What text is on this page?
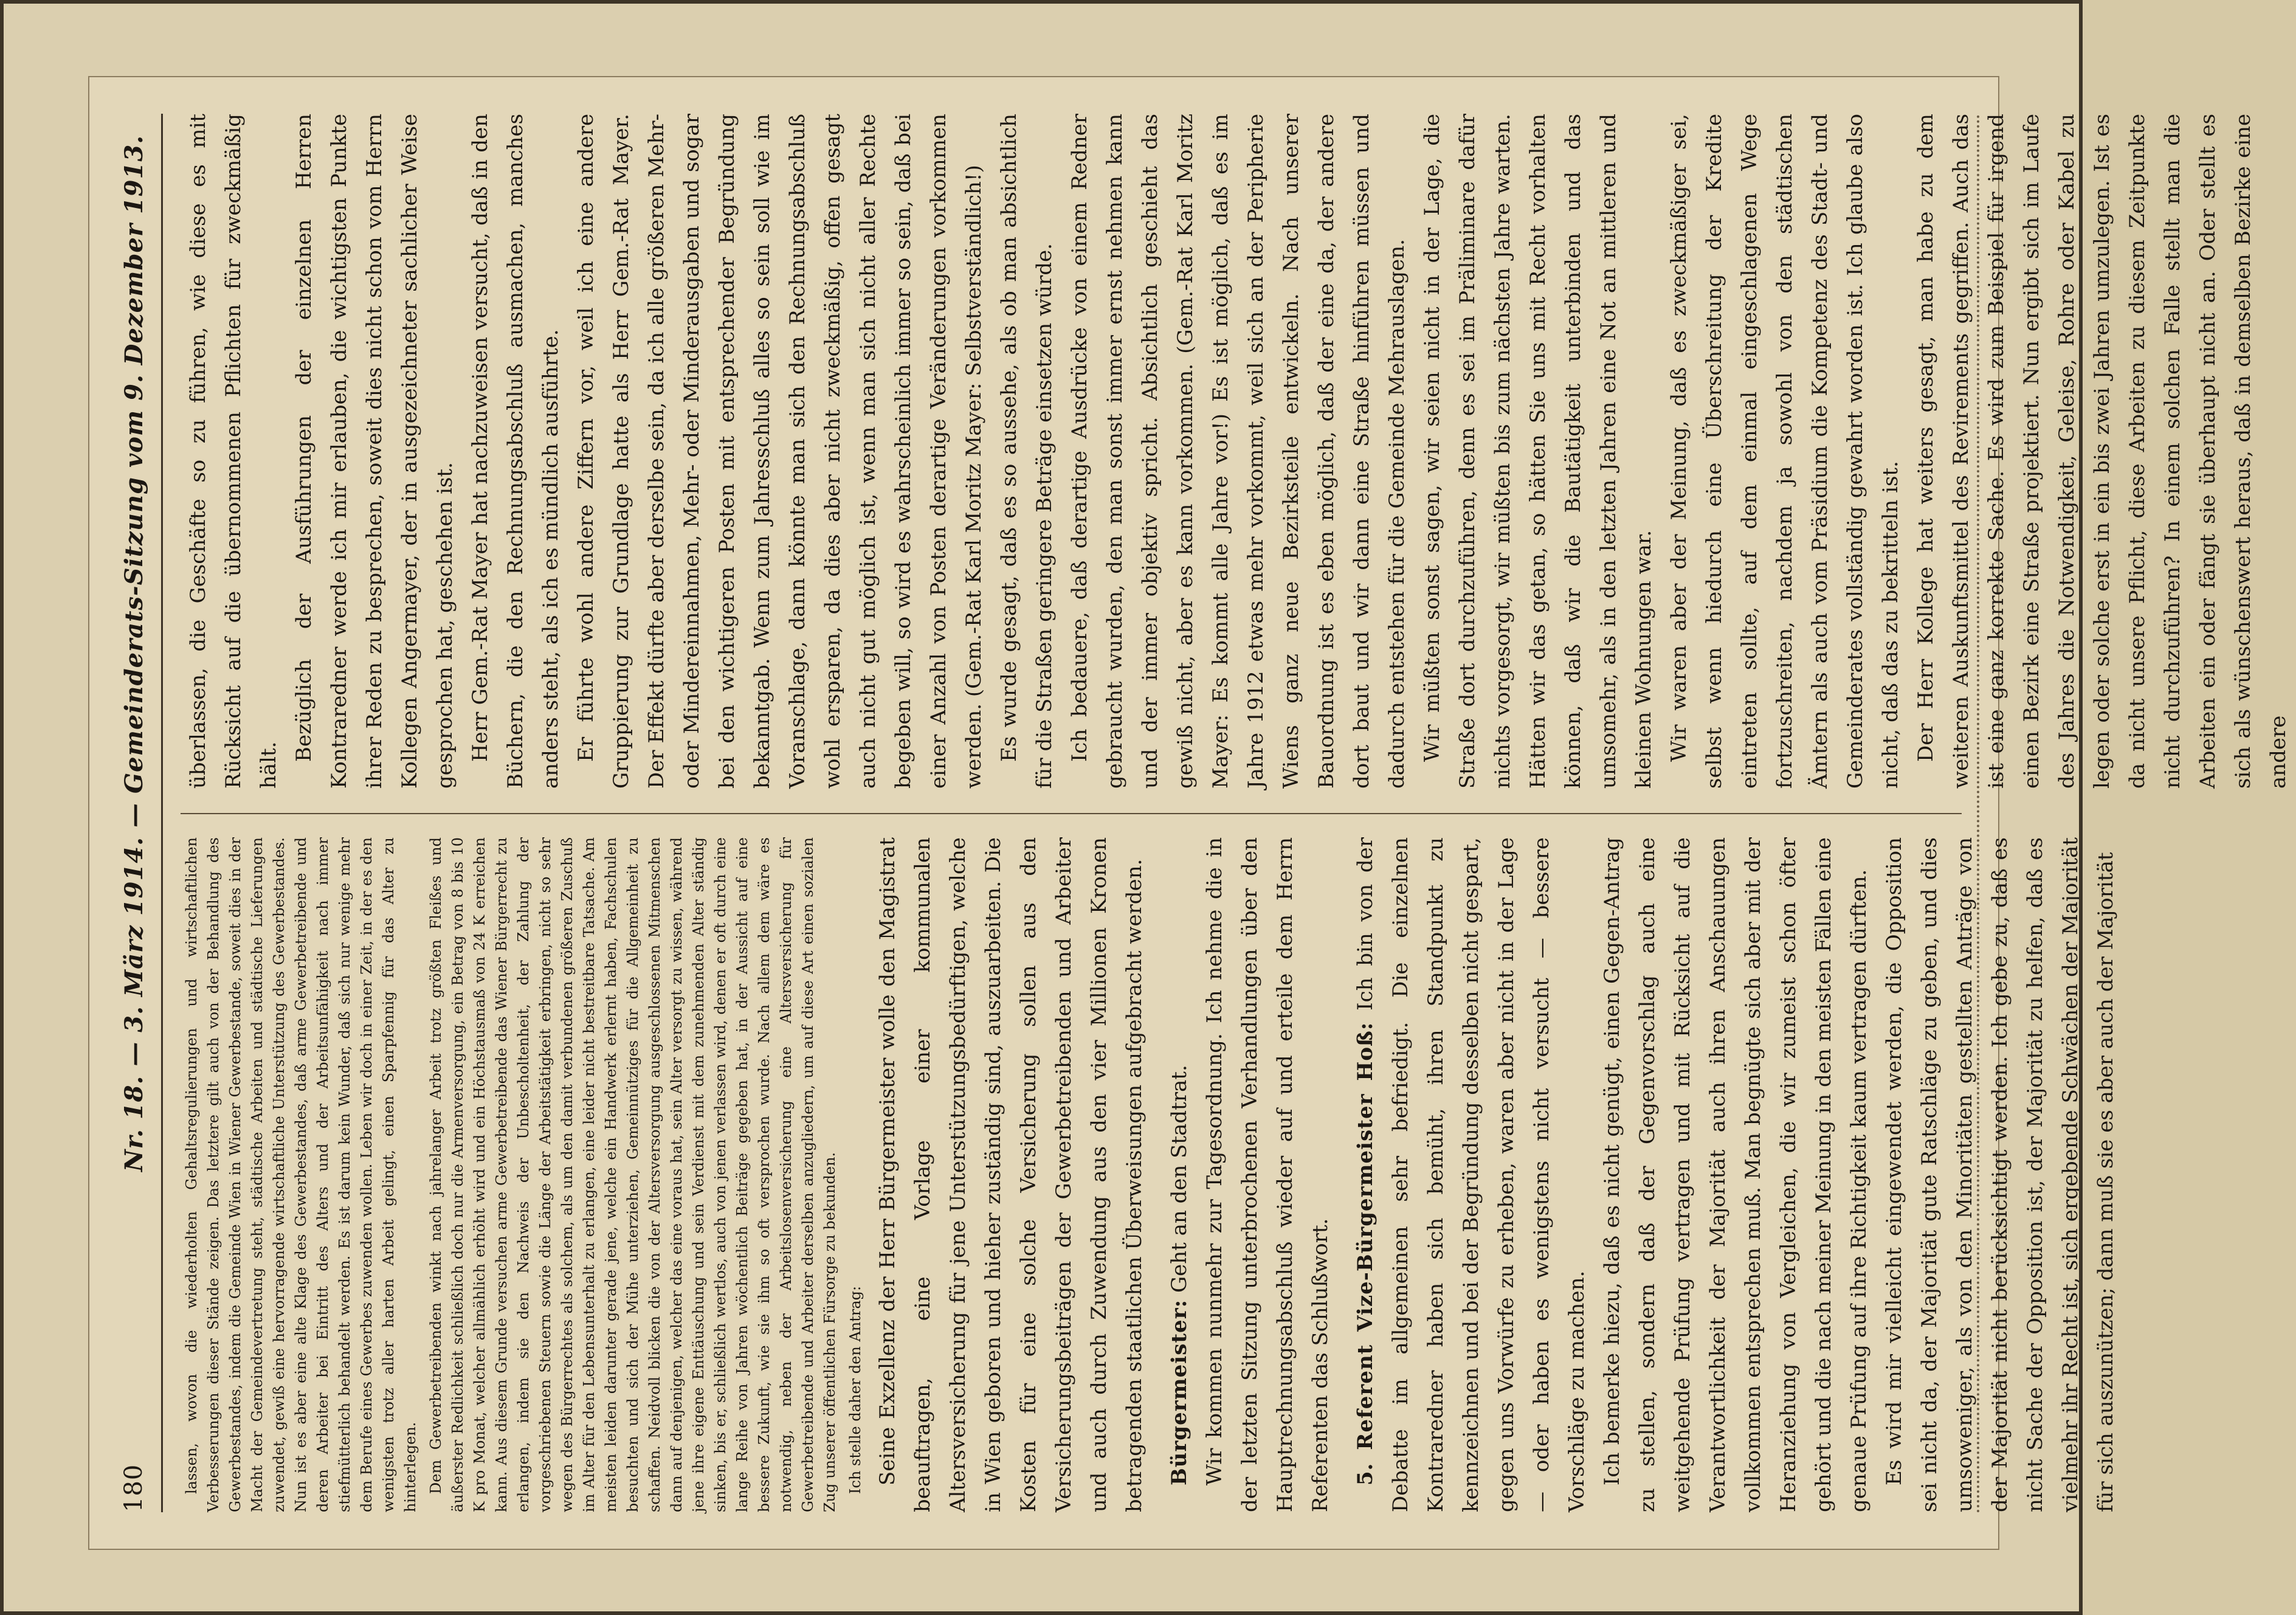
180
Nr. 18. — 3. März 1914. — Gemeinderats-Sitzung vom 9. Dezember 1913. lassen, wovon die wiederholten Gehaltsregulierungen und wirtschaftlichen Verbesserungen dieser Stände zeigen. Das letztere gilt auch von der Behandlung des Gewerbestandes, indem die Gemeinde Wien in Wiener Gewerbestande, soweit dies in der Macht der Gemeindevertretung steht, städtische Arbeiten und städtische Lieferungen zuwendet, gewiß eine hervorragende wirtschaftliche Unterstützung des Gewerbestandes. Nun ist es aber eine alte Klage des Gewerbestandes, daß arme Gewerbetreibende und deren Arbeiter bei Eintritt des Alters und der Arbeitsunfähigkeit nach immer stiefmütterlich behandelt werden. Es ist darum kein Wunder, daß sich nur wenige mehr dem Berufe eines Gewerbes zuwenden wollen. Leben wir doch in einer Zeit, in der es den wenigsten trotz aller harten Arbeit gelingt, einen Sparpfennig für das Alter zu hinterlegen. Dem Gewerbetreibenden winkt nach jahrelanger Arbeit trotz größten Fleißes und äußerster Redlichkeit schließlich doch nur die Armenversorgung, ein Betrag von 8 bis 10 K pro Monat, welcher allmählich erhöht wird und ein Höchstausmaß von 24 K erreichen kann. Aus diesem Grunde versuchen arme Gewerbetreibende das Wiener Bürgerrecht zu erlangen, indem sie den Nachweis der Unbescholtenheit, der Zahlung der vorgeschriebenen Steuern sowie die Länge der Arbeitstätigkeit erbringen, nicht so sehr wegen des Bürgerrechtes als solchem, als um den damit verbundenen größeren Zuschuß im Alter für den Lebensunterhalt zu erlangen, eine leider nicht bestreitbare Tatsache. Am meisten leiden darunter gerade jene, welche ein Handwerk erlernt haben, Fachschulen besuchten und sich der Mühe unterziehen, Gemeinnütziges für die Allgemeinheit zu schaffen. Neidvoll blicken die von der Altersversorgung ausgeschlossenen Mitmenschen dann auf denjenigen, welcher das eine voraus hat, sein Alter versorgt zu wissen, während jene ihre eigene Enttäuschung und sein Verdienst mit dem zunehmenden Alter ständig sinken, bis er, schließlich wertlos, auch von jenen verlassen wird, denen er oft durch eine lange Reihe von Jahren wöchentlich Beiträge gegeben hat, in der Aussicht auf eine bessere Zukunft, wie sie ihm so oft versprochen wurde. Nach allem dem wäre es notwendig, neben der Arbeitslosenversicherung eine Altersversicherung für Gewerbetreibende und Arbeiter derselben anzugliedern, um auf diese Art einen sozialen Zug unserer öffentlichen Fürsorge zu bekunden. Ich stelle daher den Antrag: Seine Exzellenz der Herr Bürgermeister wolle den Magistrat beauftragen, eine Vorlage einer kommunalen Altersversicherung für jene Unterstützungsbedürftigen, welche in Wien geboren und hieher zuständig sind, auszuarbeiten. Die Kosten für eine solche Versicherung sollen aus den Versicherungsbeiträgen der Gewerbetreibenden und Arbeiter und auch durch Zuwendung aus den vier Millionen Kronen betragenden staatlichen Überweisungen aufgebracht werden. Bürgermeister: Geht an den Stadtrat. Wir kommen nunmehr zur Tagesordnung. Ich nehme die in der letzten Sitzung unterbrochenen Verhandlungen über den Hauptrechnungsabschluß wieder auf und erteile dem Herrn Referenten das Schlußwort. 5. Referent Vize-Bürgermeister Hoß: Ich bin von der Debatte im allgemeinen sehr befriedigt. Die einzelnen Kontraredner haben sich bemüht, ihren Standpunkt zu kennzeichnen und bei der Begründung desselben nicht gespart, gegen uns Vorwürfe zu erheben, waren aber nicht in der Lage — oder haben es wenigstens nicht versucht — bessere Vorschläge zu machen. Ich bemerke hiezu, daß es nicht genügt, einen Gegen-Antrag zu stellen, sondern daß der Gegenvorschlag auch eine weitgehende Prüfung vertragen und mit Rücksicht auf die Verantwortlichkeit der Majorität auch ihren Anschauungen vollkommen entsprechen muß. Man begnügte sich aber mit der Heranziehung von Vergleichen, die wir zumeist schon öfter gehört und die nach meiner Meinung in den meisten Fällen eine genaue Prüfung auf ihre Richtigkeit kaum vertragen dürften. Es wird mir vielleicht eingewendet werden, die Opposition sei nicht da, der Majorität gute Ratschläge zu geben, und dies umsoweniger, als von den Minoritäten gestellten Anträge von der Majorität nicht berücksichtigt werden. Ich gebe zu, daß es nicht Sache der Opposition ist, der Majorität zu helfen, daß es vielmehr ihr Recht ist, sich ergebende Schwächen der Majorität für sich auszunützen; dann muß sie es aber auch der Majorität

überlassen, die Geschäfte so zu führen, wie diese es mit Rücksicht auf die übernommenen Pflichten für zweckmäßig hält.

Bezüglich der Ausführungen der einzelnen Herren Kontraredner werde ich mir erlauben, die wichtigsten Punkte ihrer Reden zu besprechen, soweit dies nicht schon vom Herrn Kollegen Angermayer, der in ausgezeichneter sachlicher Weise gesprochen hat, geschehen ist. Herr Gem.-Rat Mayer hat nachzuweisen versucht, daß in den Büchern, die den Rechnungsabschluß ausmachen, manches anders steht, als ich es mündlich ausführte. Er führte wohl andere Ziffern vor, weil ich eine andere Gruppierung zur Grundlage hatte als Herr Gem.-Rat Mayer. Der Effekt dürfte aber derselbe sein, da ich alle größeren Mehr- oder Mindereinnahmen, Mehr- oder Minderausgaben und sogar bei den wichtigeren Posten mit entsprechender Begründung bekanntgab. Wenn zum Jahresschluß alles so sein soll wie im Voranschlage, dann könnte man sich den Rechnungsabschluß wohl ersparen, da dies aber nicht zweckmäßig, offen gesagt auch nicht gut möglich ist, wenn man sich nicht aller Rechte begeben will, so wird es wahrscheinlich immer so sein, daß bei einer Anzahl von Posten derartige Veränderungen vorkommen werden. (Gem.-Rat Karl Moritz Mayer: Selbstverständlich!) Es wurde gesagt, daß es so aussehe, als ob man absichtlich für die Straßen geringere Beträge einsetzen würde. Ich bedauere, daß derartige Ausdrücke von einem Redner gebraucht wurden, den man sonst immer ernst nehmen kann und der immer objektiv spricht. Absichtlich geschieht das gewiß nicht, aber es kann vorkommen. (Gem.-Rat Karl Moritz Mayer: Es kommt alle Jahre vor!) Es ist möglich, daß es im Jahre 1912 etwas mehr vorkommt, weil sich an der Peripherie Wiens ganz neue Bezirksteile entwickeln. Nach unserer Bauordnung ist es eben möglich, daß der eine da, der andere dort baut und wir dann eine Straße hinführen müssen und dadurch entstehen für die Gemeinde Mehrauslagen. Wir müßten sonst sagen, wir seien nicht in der Lage, die Straße dort durchzuführen, denn es sei im Präliminare dafür nichts vorgesorgt, wir müßten bis zum nächsten Jahre warten. Hätten wir das getan, so hätten Sie uns mit Recht vorhalten können, daß wir die Bautätigkeit unterbinden und das umsomehr, als in den letzten Jahren eine Not an mittleren und kleinen Wohnungen war. Wir waren aber der Meinung, daß es zweckmäßiger sei, selbst wenn hiedurch eine Überschreitung der Kredite eintreten sollte, auf dem einmal eingeschlagenen Wege fortzuschreiten, nachdem ja sowohl von den städtischen Ämtern als auch vom Präsidium die Kompetenz des Stadt- und Gemeinderates vollständig gewahrt worden ist. Ich glaube also nicht, daß das zu bekritteln ist. Der Herr Kollege hat weiters gesagt, man habe zu dem weiteren Auskunftsmittel des Revirements gegriffen. Auch das ist eine ganz korrekte Sache. Es wird zum Beispiel für irgend einen Bezirk eine Straße projektiert. Nun ergibt sich im Laufe des Jahres die Notwendigkeit, Geleise, Rohre oder Kabel zu legen oder solche erst in ein bis zwei Jahren umzulegen. Ist es da nicht unsere Pflicht, diese Arbeiten zu diesem Zeitpunkte nicht durchzuführen? In einem solchen Falle stellt man die Arbeiten ein oder fängt sie überhaupt nicht an. Oder stellt es sich als wünschenswert heraus, daß in demselben Bezirke eine andere
